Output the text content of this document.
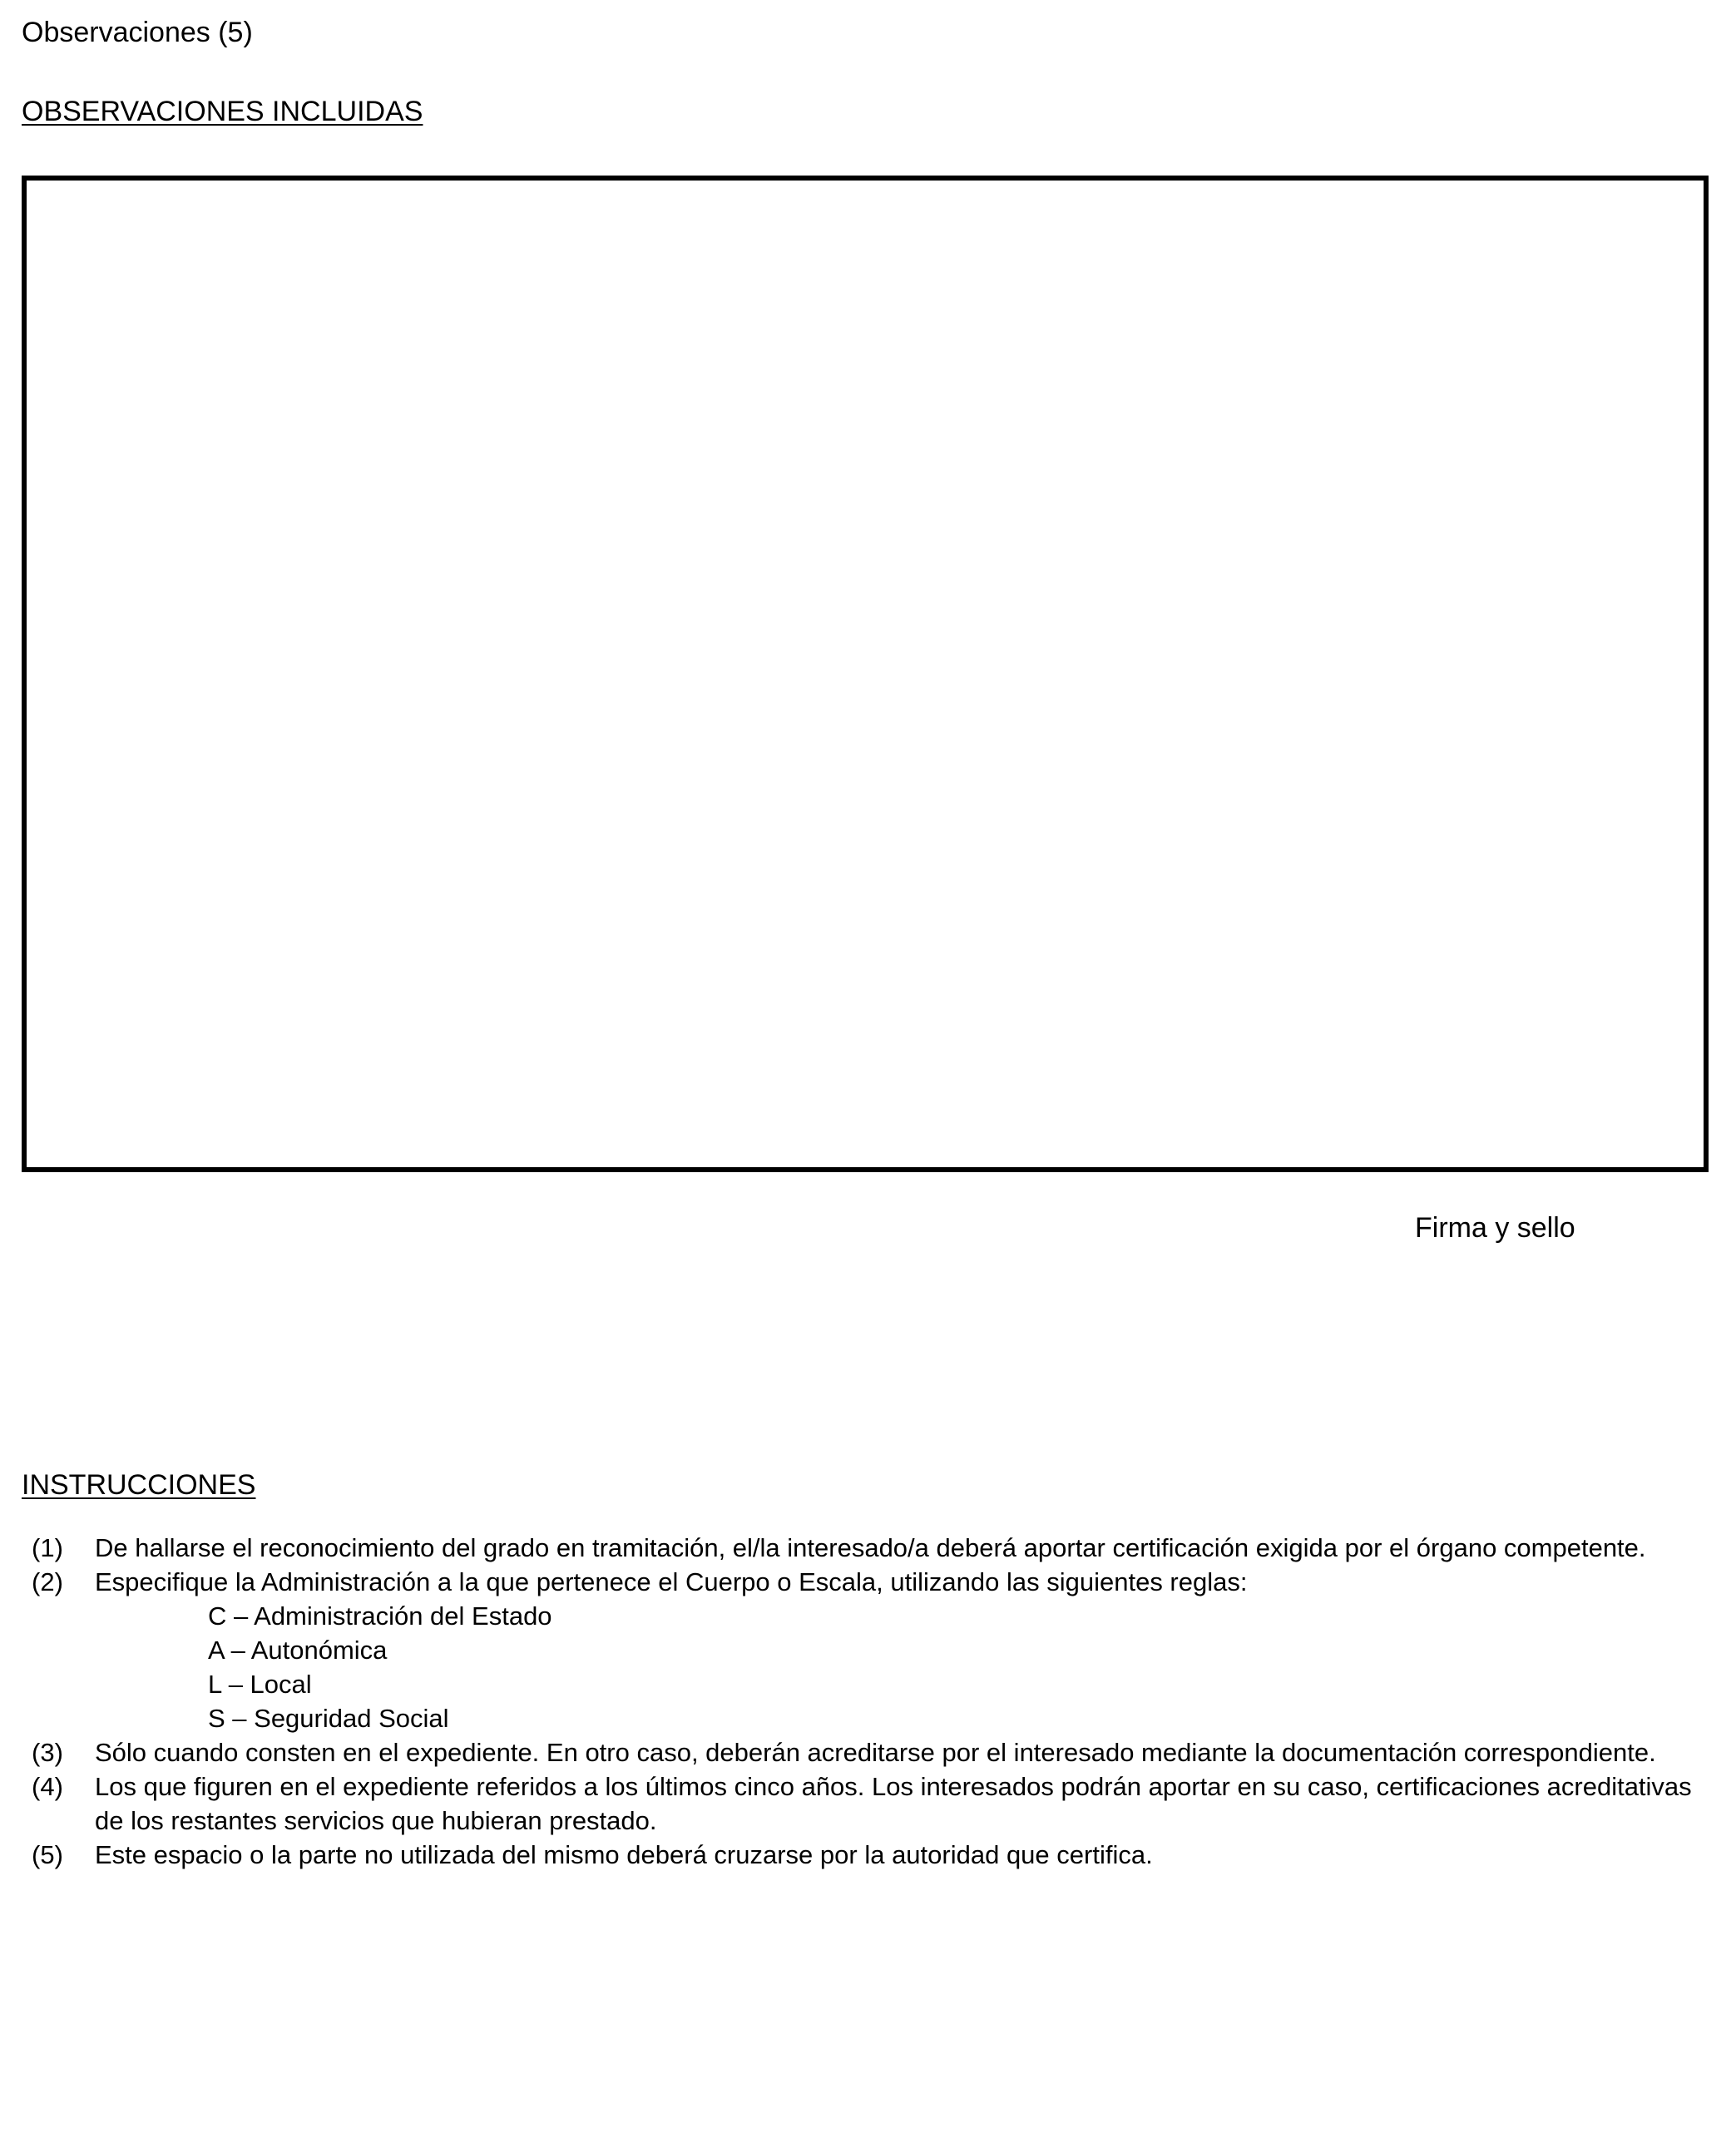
Observaciones (5)
OBSERVACIONES INCLUIDAS
Firma y sello
INSTRUCCIONES
(1) De hallarse el reconocimiento del grado en tramitación, el/la interesado/a deberá aportar certificación exigida por el órgano competente.
(2) Especifique la Administración a la que pertenece el Cuerpo o Escala, utilizando las siguientes reglas:
C – Administración del Estado
A – Autonómica
L – Local
S – Seguridad Social
(3) Sólo cuando consten en el expediente. En otro caso, deberán acreditarse por el interesado mediante la documentación correspondiente.
(4) Los que figuren en el expediente referidos a los últimos cinco años. Los interesados podrán aportar en su caso, certificaciones acreditativas de los restantes servicios que hubieran prestado.
(5) Este espacio o la parte no utilizada del mismo deberá cruzarse por la autoridad que certifica.
